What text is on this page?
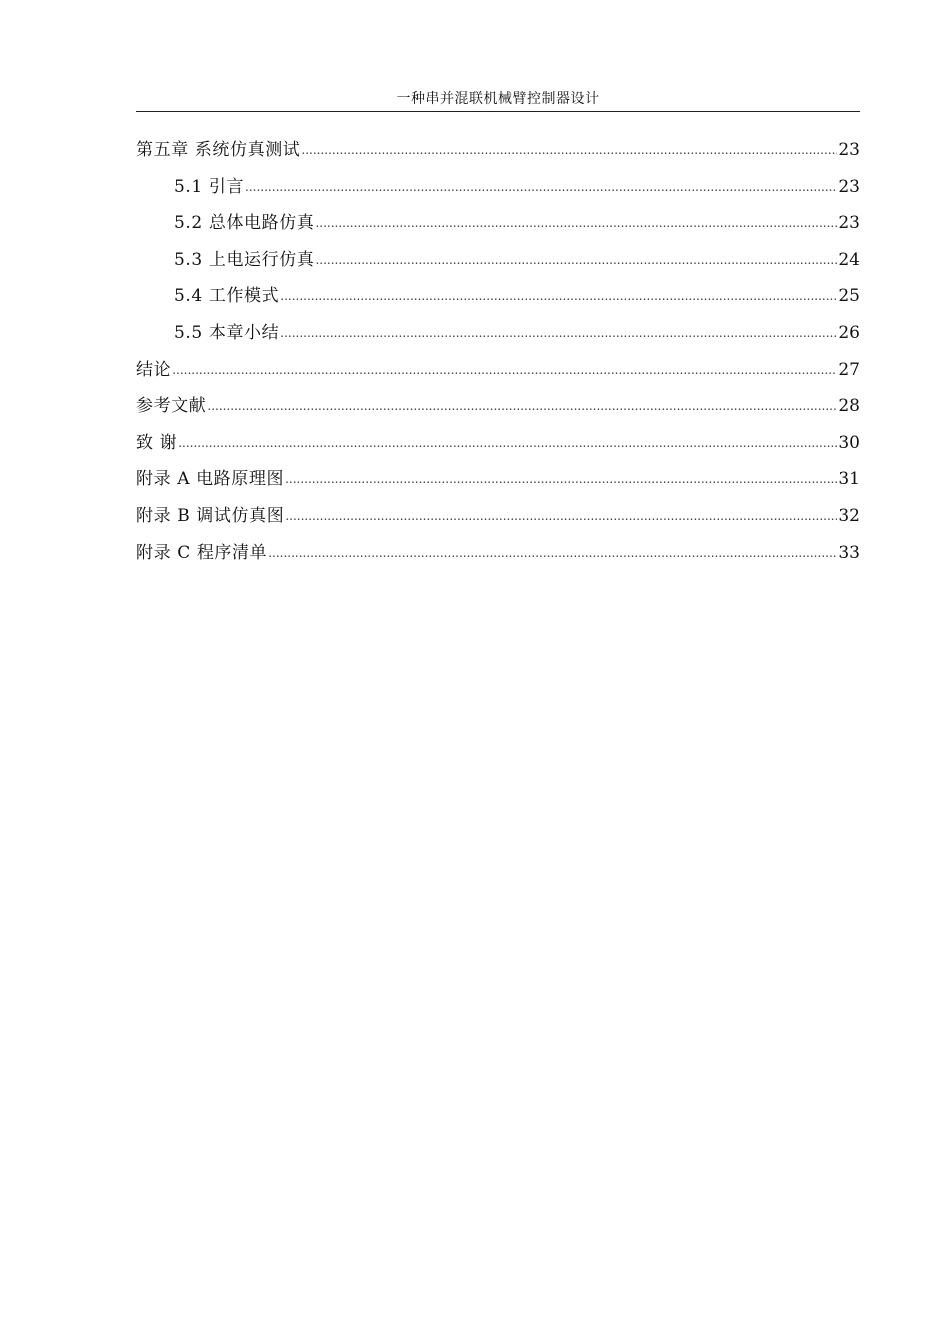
一种串并混联机械臂控制器设计
第五章 系统仿真测试 .....	23
5.1 引言 .....	23
5.2 总体电路仿真 .....	23
5.3 上电运行仿真 .....	24
5.4 工作模式 .....	25
5.5 本章小结 .....	26
结论 .....	27
参考文献 .....	28
致 谢 .....	30
附录 A 电路原理图 .....	31
附录 B 调试仿真图 .....	32
附录 C 程序清单 .....	33
